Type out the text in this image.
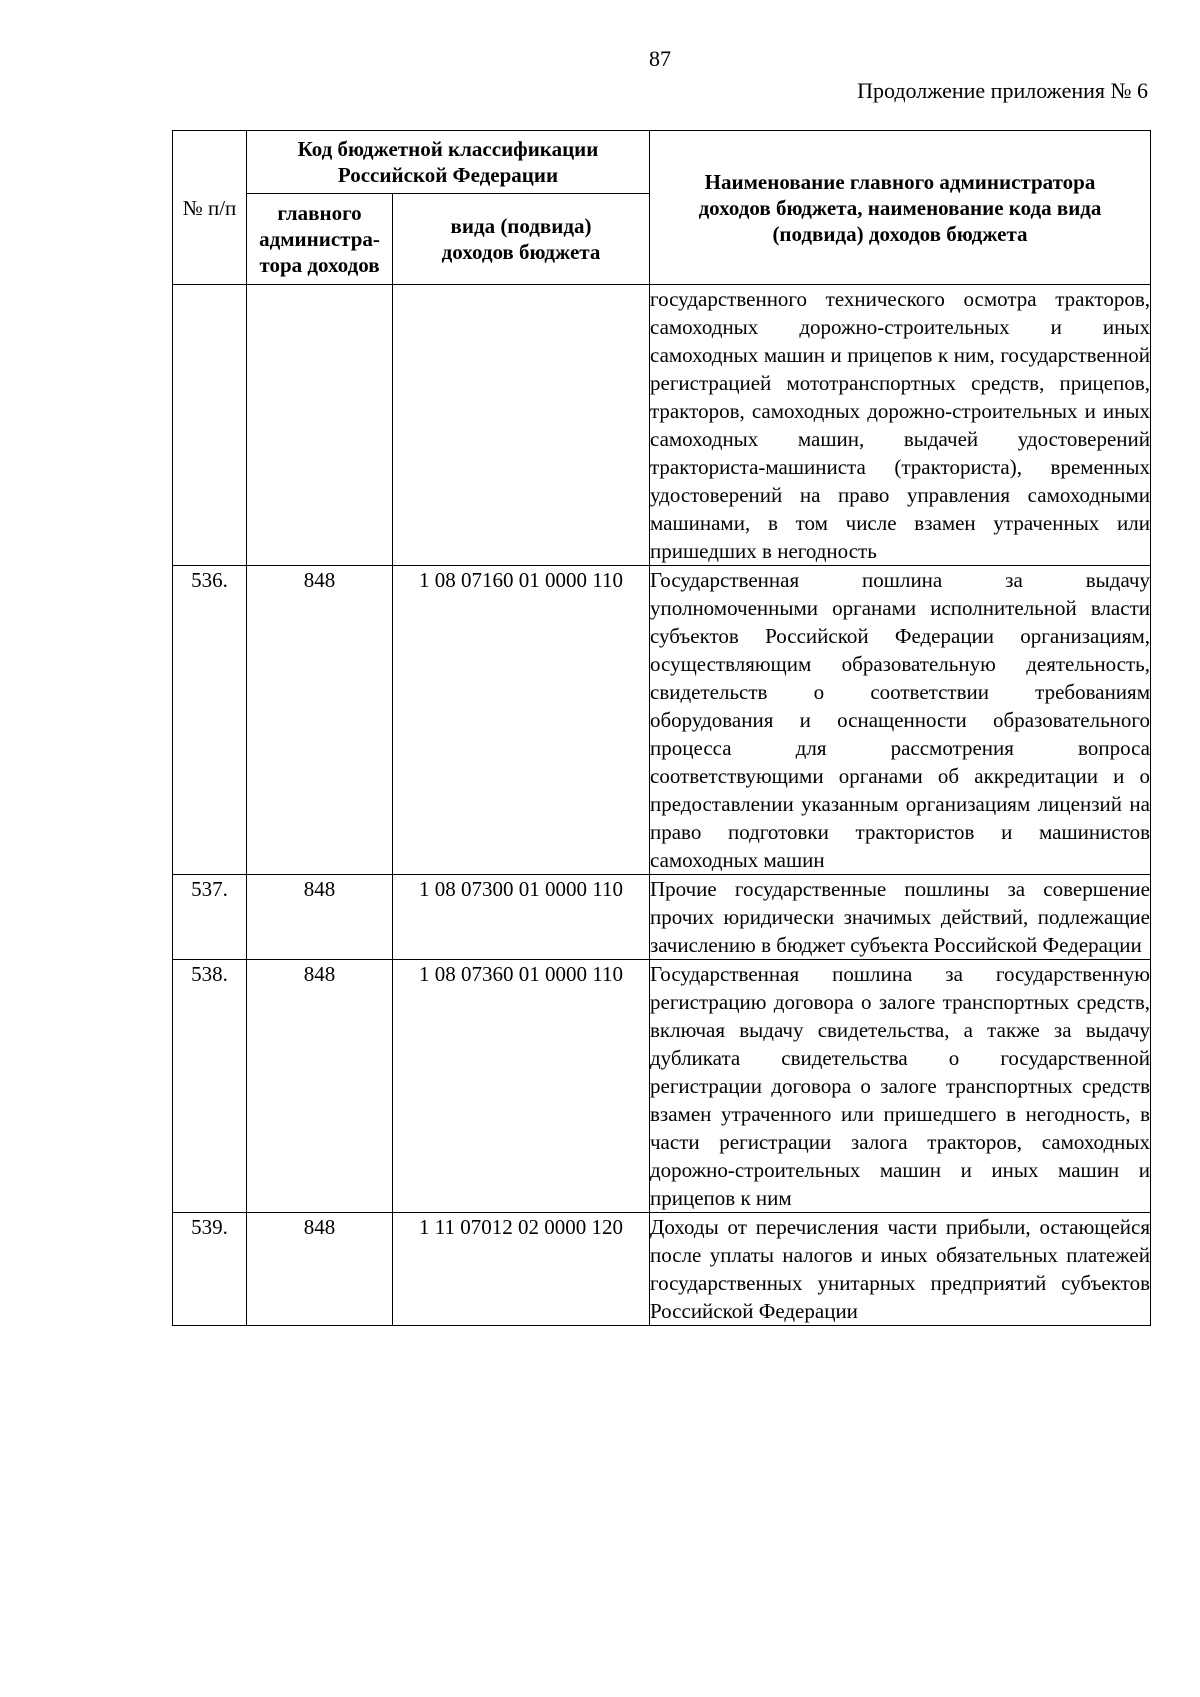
87
Продолжение приложения № 6
№ п/п	Код бюджетной классификации Российской Федерации		Наименование главного администратора доходов бюджета, наименование кода вида (подвида) доходов бюджета
	главного администра-тора доходов	вида (подвида) доходов бюджета	
			государственного технического осмотра тракторов, самоходных дорожно-строительных и иных самоходных машин и прицепов к ним, государственной регистрацией мототранспортных средств, прицепов, тракторов, самоходных дорожно-строительных и иных самоходных машин, выдачей удостоверений тракториста-машиниста (тракториста), временных удостоверений на право управления самоходными машинами, в том числе взамен утраченных или пришедших в негодность
536.	848	1 08 07160 01 0000 110	Государственная пошлина за выдачу уполномоченными органами исполнительной власти субъектов Российской Федерации организациям, осуществляющим образовательную деятельность, свидетельств о соответствии требованиям оборудования и оснащенности образовательного процесса для рассмотрения вопроса соответствующими органами об аккредитации и о предоставлении указанным организациям лицензий на право подготовки трактористов и машинистов самоходных машин
537.	848	1 08 07300 01 0000 110	Прочие государственные пошлины за совершение прочих юридически значимых действий, подлежащие зачислению в бюджет субъекта Российской Федерации
538.	848	1 08 07360 01 0000 110	Государственная пошлина за государственную регистрацию договора о залоге транспортных средств, включая выдачу свидетельства, а также за выдачу дубликата свидетельства о государственной регистрации договора о залоге транспортных средств взамен утраченного или пришедшего в негодность, в части регистрации залога тракторов, самоходных дорожно-строительных машин и иных машин и прицепов к ним
539.	848	1 11 07012 02 0000 120	Доходы от перечисления части прибыли, остающейся после уплаты налогов и иных обязательных платежей государственных унитарных предприятий субъектов Российской Федерации
